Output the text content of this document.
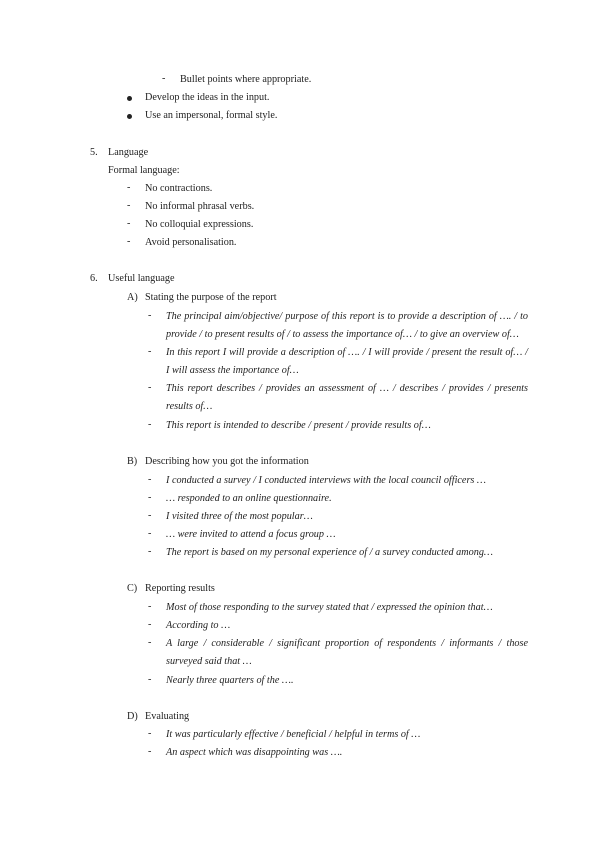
- Bullet points where appropriate.
Develop the ideas in the input.
Use an impersonal, formal style.
5. Language
Formal language:
- No contractions.
- No informal phrasal verbs.
- No colloquial expressions.
- Avoid personalisation.
6. Useful language
A) Stating the purpose of the report
- The principal aim/objective/ purpose of this report is to provide a description of …. / to
provide / to present results of / to assess the importance of… / to give an overview of…
- In this report I will provide a description of …. / I will provide / present the result of… /
I will assess the importance of…
- This report describes / provides an assessment of … / describes / provides / presents
results of…
- This report is intended to describe / present / provide results of…
B) Describing how you got the information
- I conducted a survey / I conducted interviews with the local council officers …
- … responded to an online questionnaire.
- I visited three of the most popular…
- … were invited to attend a focus group …
- The report is based on my personal experience of / a survey conducted among…
C) Reporting results
- Most of those responding to the survey stated that / expressed the opinion that…
- According to …
- A large / considerable / significant proportion of respondents / informants / those
surveyed said that …
- Nearly three quarters of the ….
D) Evaluating
- It was particularly effective / beneficial / helpful in terms of …
- An aspect which was disappointing was ….
